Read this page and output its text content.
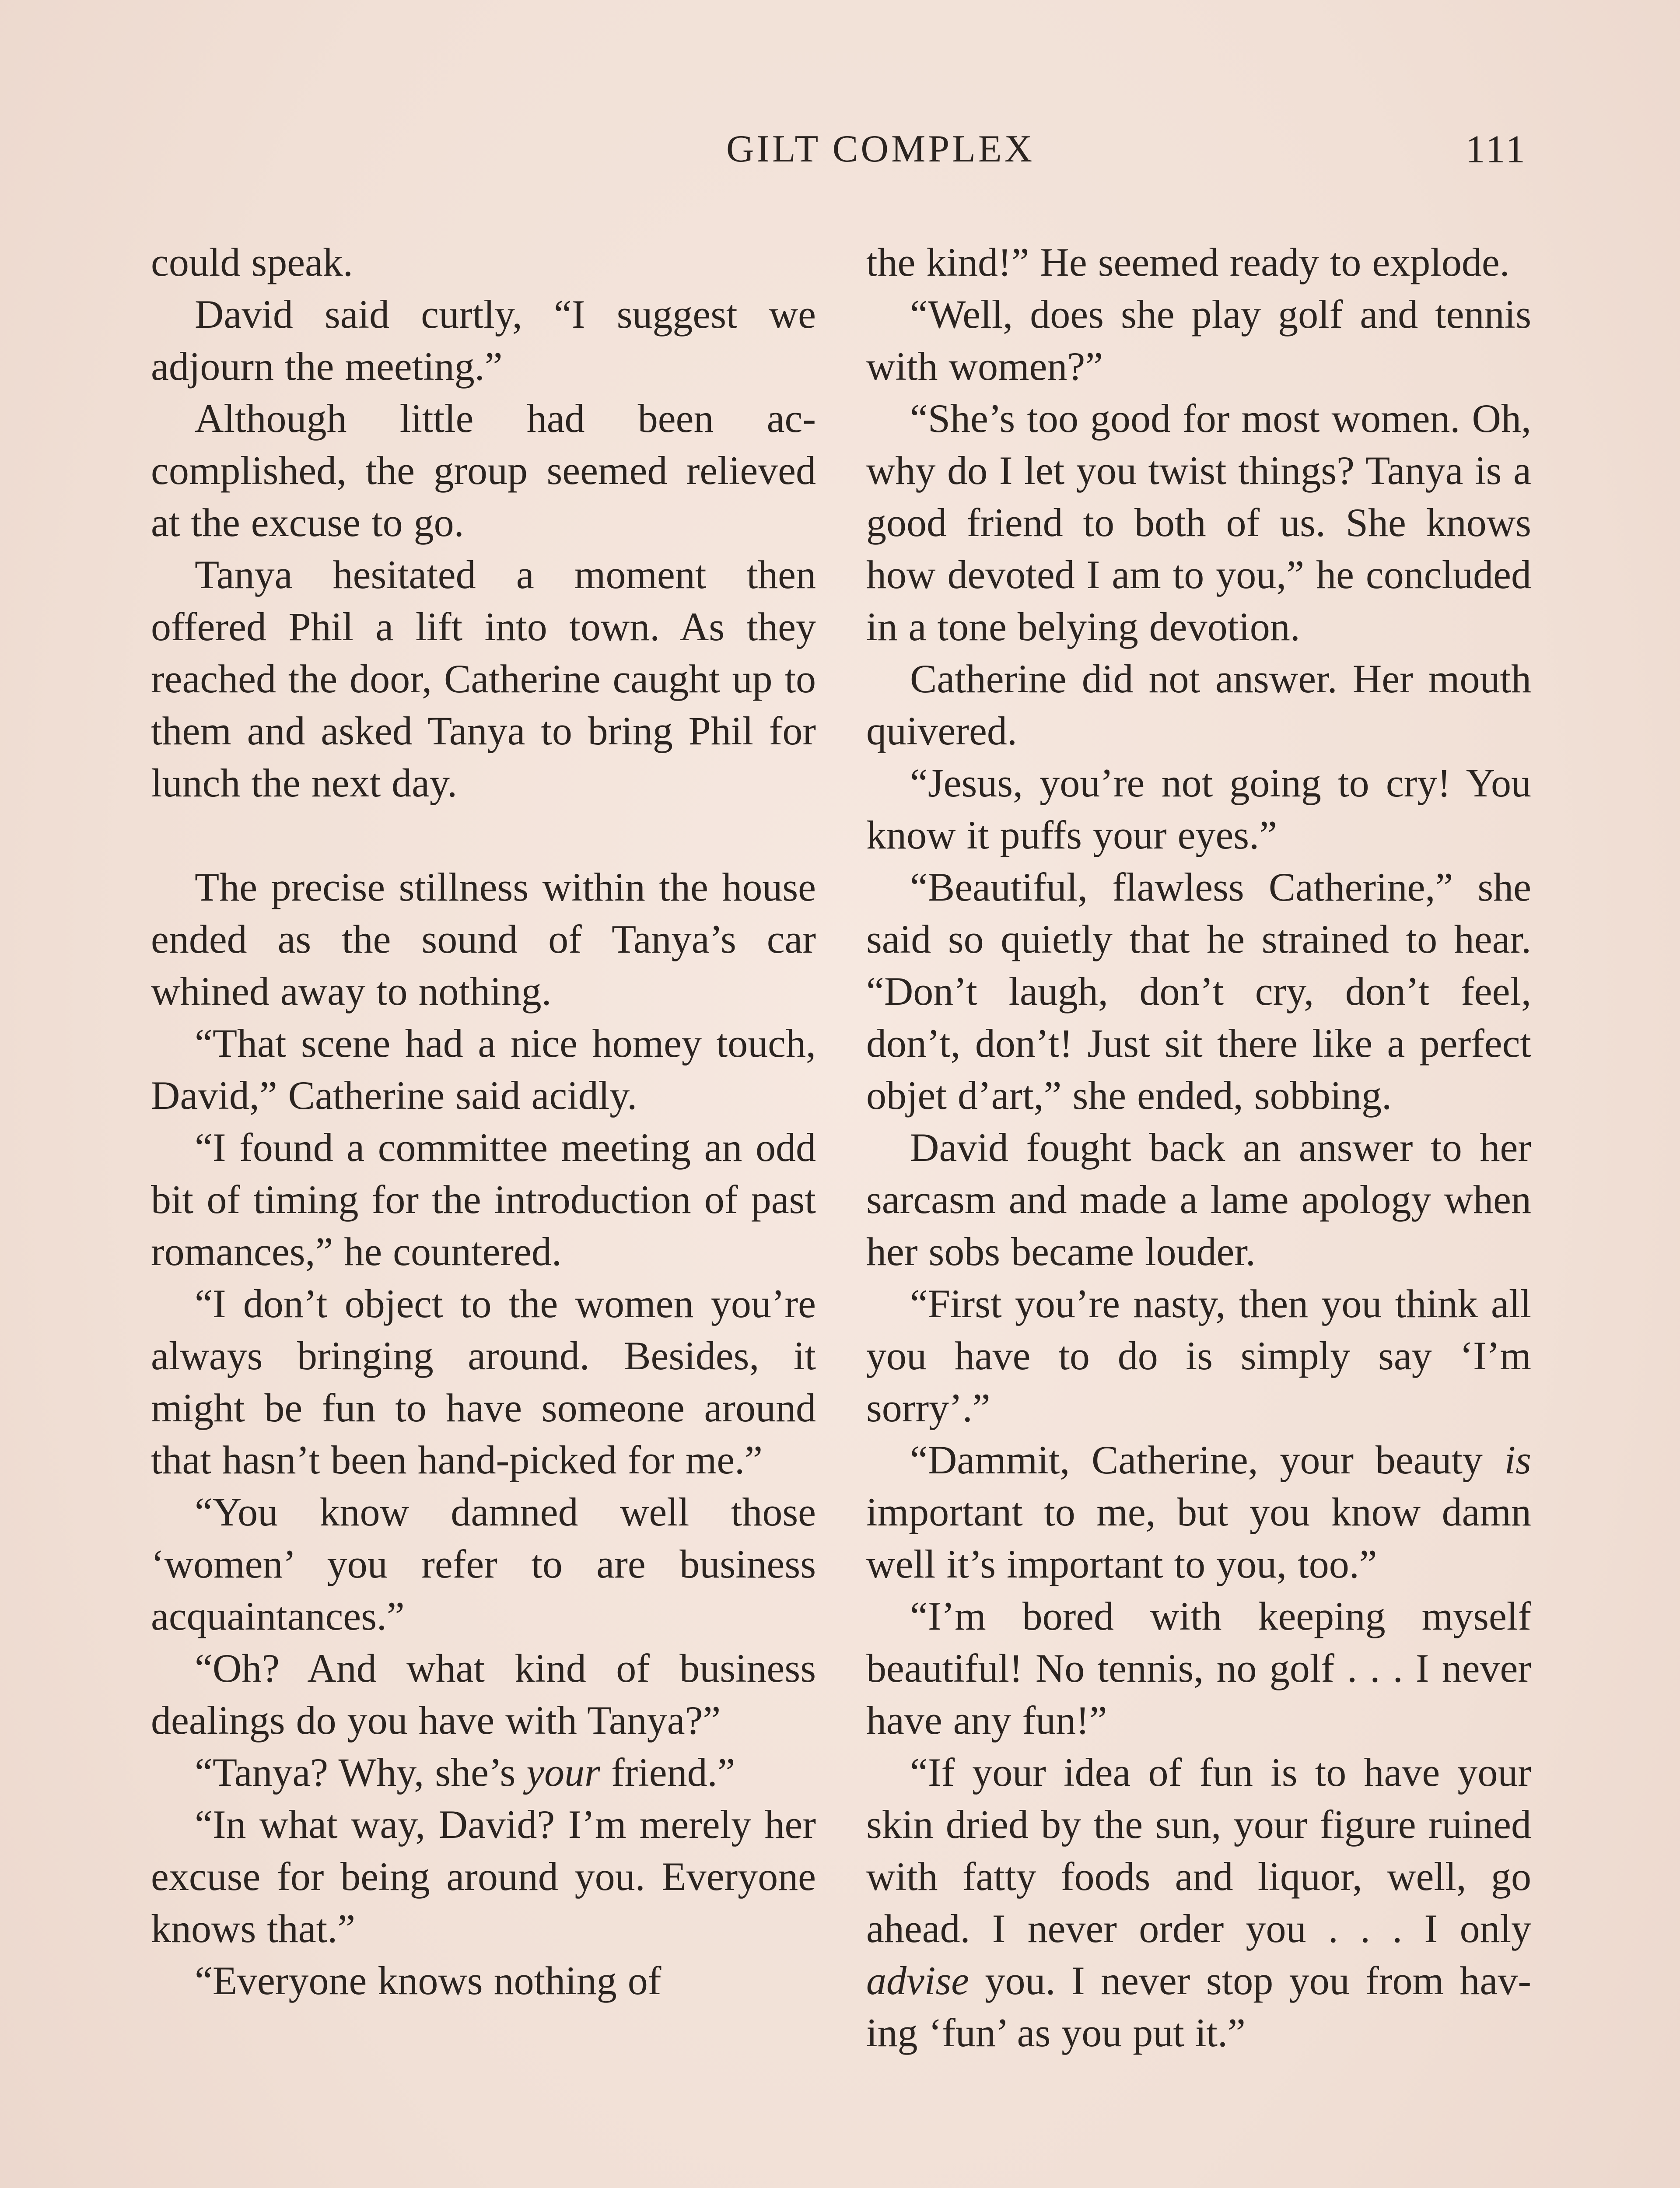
GILT COMPLEX	111

could speak.

David said curtly, “I suggest we adjourn the meeting.”

Although little had been accomplished, the group seemed relieved at the excuse to go.

Tanya hesitated a moment then offered Phil a lift into town. As they reached the door, Catherine caught up to them and asked Tanya to bring Phil for lunch the next day.

The precise stillness within the house ended as the sound of Tanya’s car whined away to nothing.

“That scene had a nice homey touch, David,” Catherine said acidly.

“I found a committee meeting an odd bit of timing for the introduction of past romances,” he countered.

“I don’t object to the women you’re always bringing around. Besides, it might be fun to have someone around that hasn’t been hand-picked for me.”

“You know damned well those ‘women’ you refer to are business acquaintances.”

“Oh? And what kind of business dealings do you have with Tanya?”

“Tanya? Why, she’s your friend.”

“In what way, David? I’m merely her excuse for being around you. Everyone knows that.”

“Everyone knows nothing of

the kind!” He seemed ready to explode.

“Well, does she play golf and tennis with women?”

“She’s too good for most women. Oh, why do I let you twist things? Tanya is a good friend to both of us. She knows how devoted I am to you,” he concluded in a tone belying devotion.

Catherine did not answer. Her mouth quivered.

“Jesus, you’re not going to cry! You know it puffs your eyes.”

“Beautiful, flawless Catherine,” she said so quietly that he strained to hear. “Don’t laugh, don’t cry, don’t feel, don’t, don’t! Just sit there like a perfect objet d’art,” she ended, sobbing.

David fought back an answer to her sarcasm and made a lame apology when her sobs became louder.

“First you’re nasty, then you think all you have to do is simply say ‘I’m sorry’.”

“Dammit, Catherine, your beauty is important to me, but you know damn well it’s important to you, too.”

“I’m bored with keeping myself beautiful! No tennis, no golf . . . I never have any fun!”

“If your idea of fun is to have your skin dried by the sun, your figure ruined with fatty foods and liquor, well, go ahead. I never order you . . . I only advise you. I never stop you from having ‘fun’ as you put it.”
